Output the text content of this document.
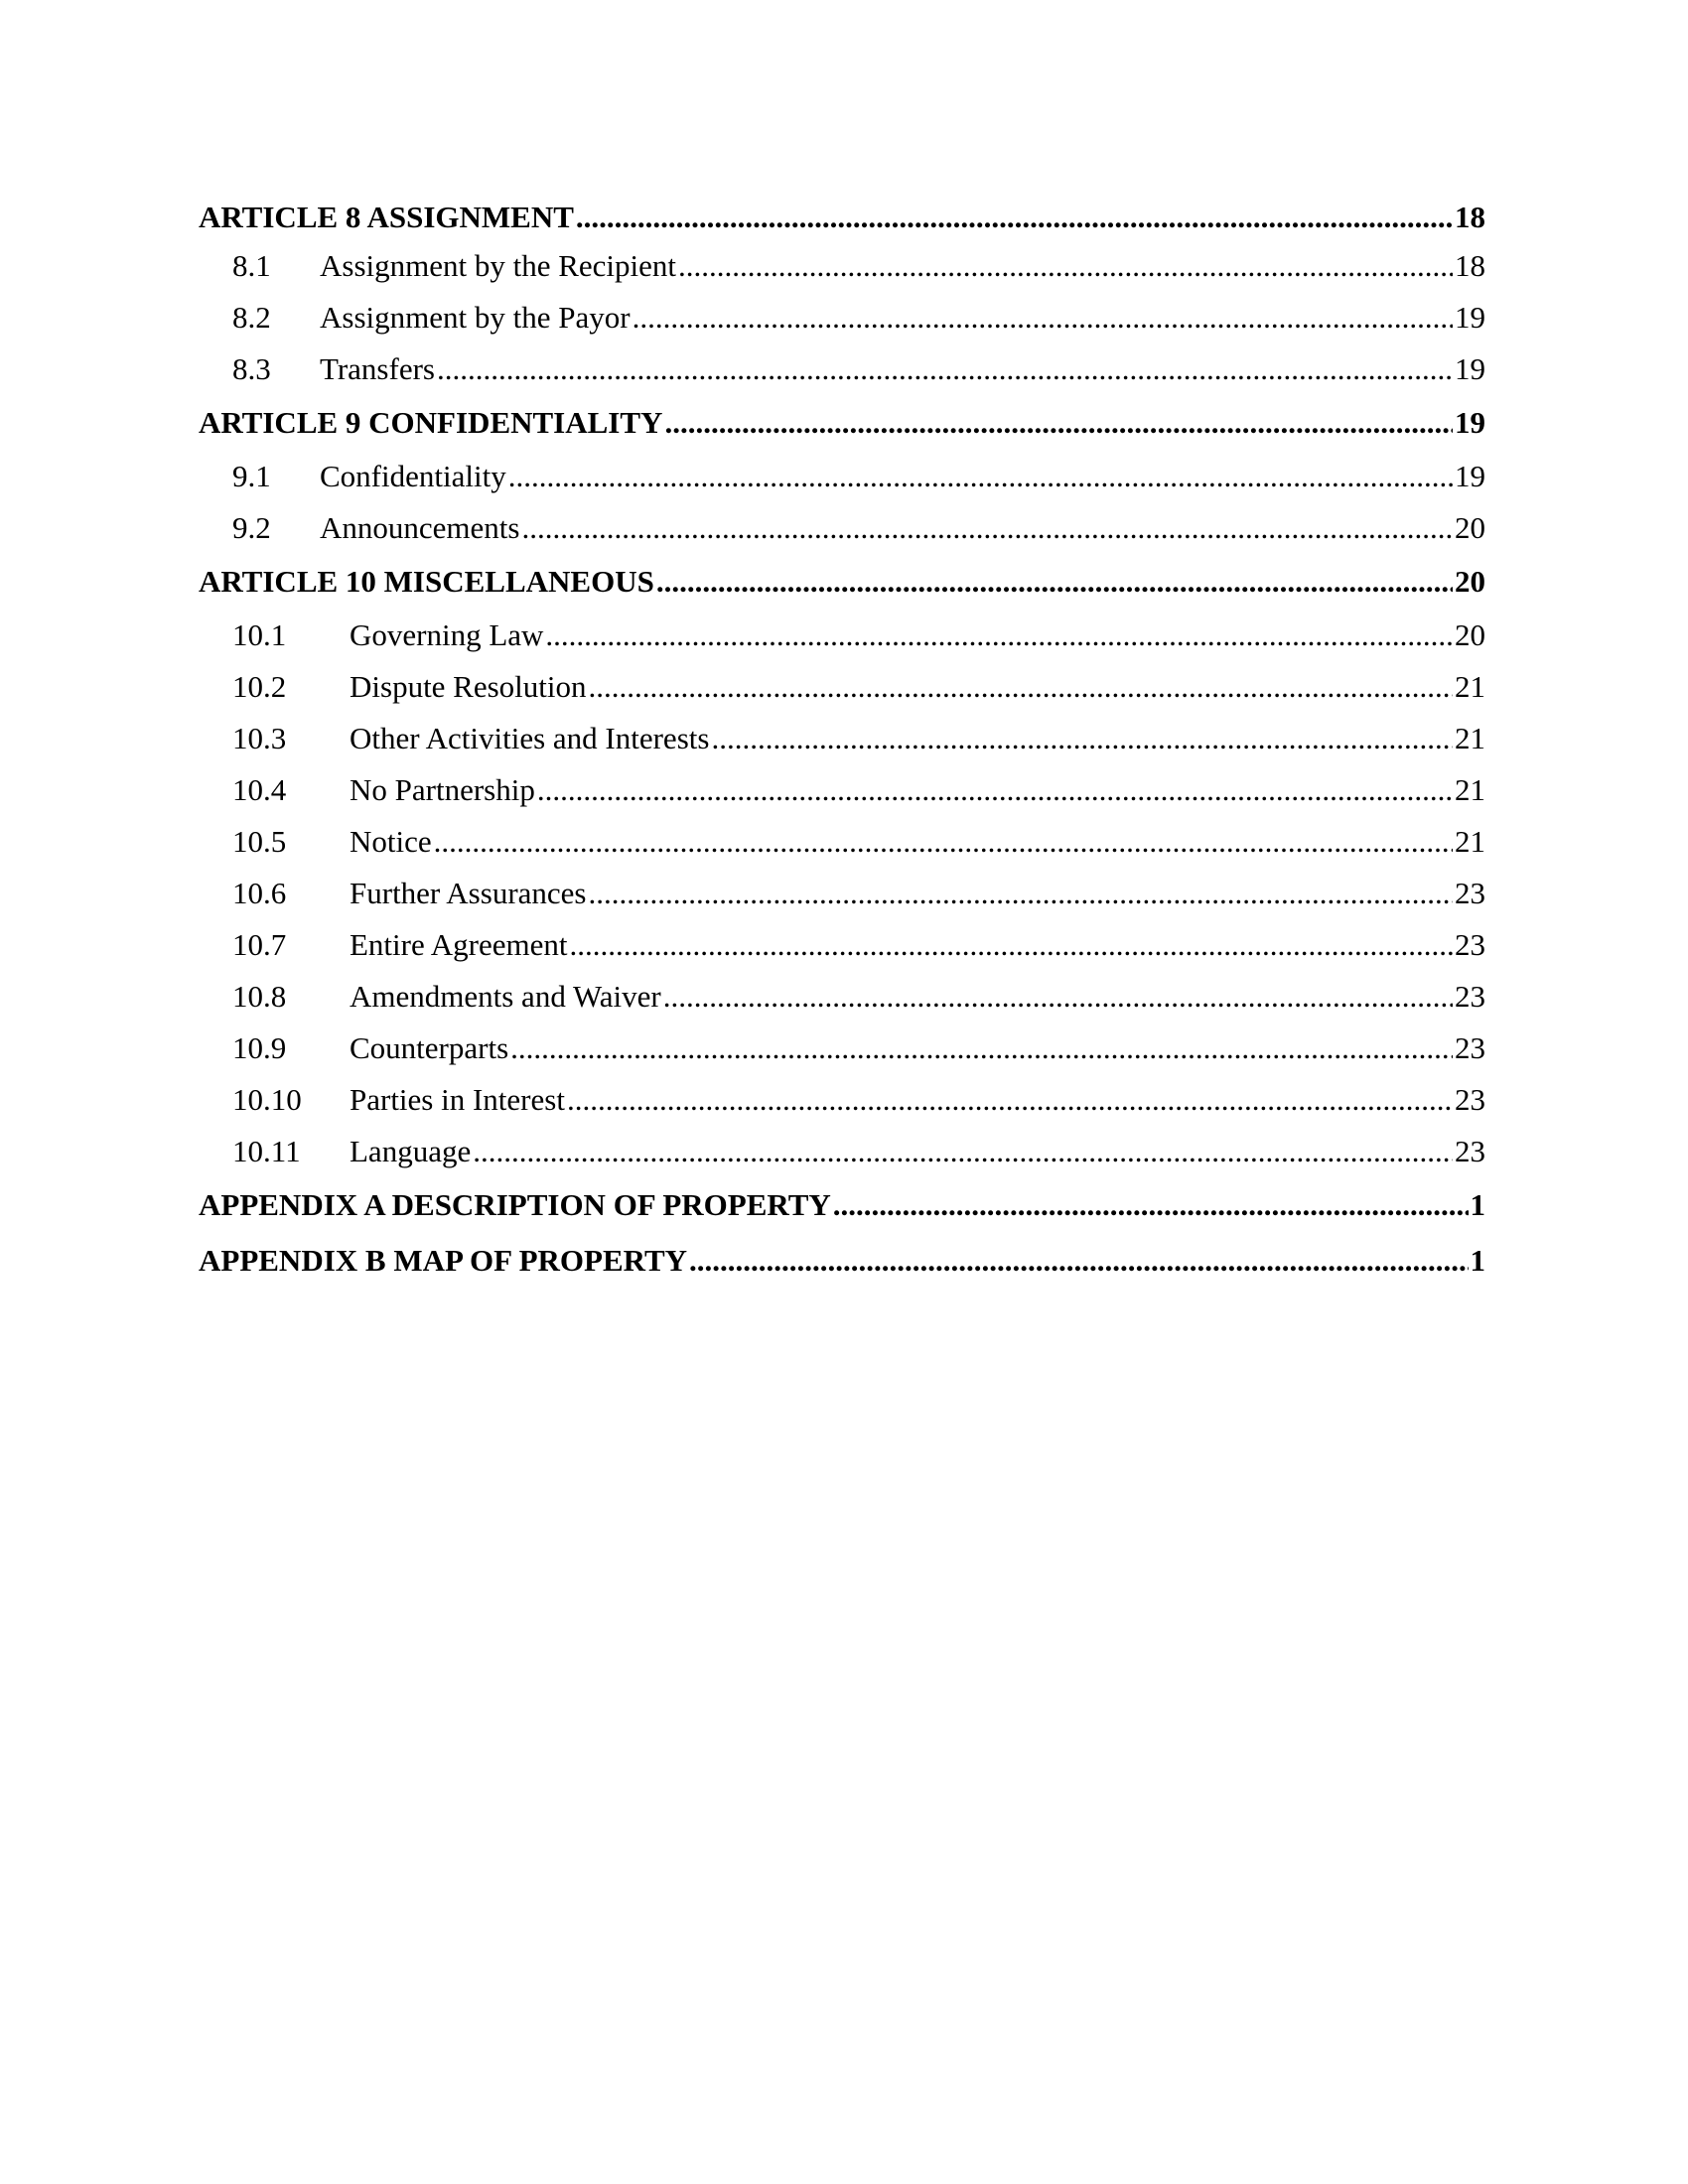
ARTICLE 8 ASSIGNMENT .....	18
8.1	Assignment by the Recipient .....	18
8.2	Assignment by the Payor .....	19
8.3	Transfers .....	19
ARTICLE 9 CONFIDENTIALITY .....	19
9.1	Confidentiality .....	19
9.2	Announcements .....	20
ARTICLE 10 MISCELLANEOUS .....	20
10.1	Governing Law .....	20
10.2	Dispute Resolution .....	21
10.3	Other Activities and Interests .....	21
10.4	No Partnership .....	21
10.5	Notice .....	21
10.6	Further Assurances .....	23
10.7	Entire Agreement .....	23
10.8	Amendments and Waiver .....	23
10.9	Counterparts .....	23
10.10	Parties in Interest .....	23
10.11	Language .....	23
APPENDIX A DESCRIPTION OF PROPERTY .....	1
APPENDIX B MAP OF PROPERTY .....	1
